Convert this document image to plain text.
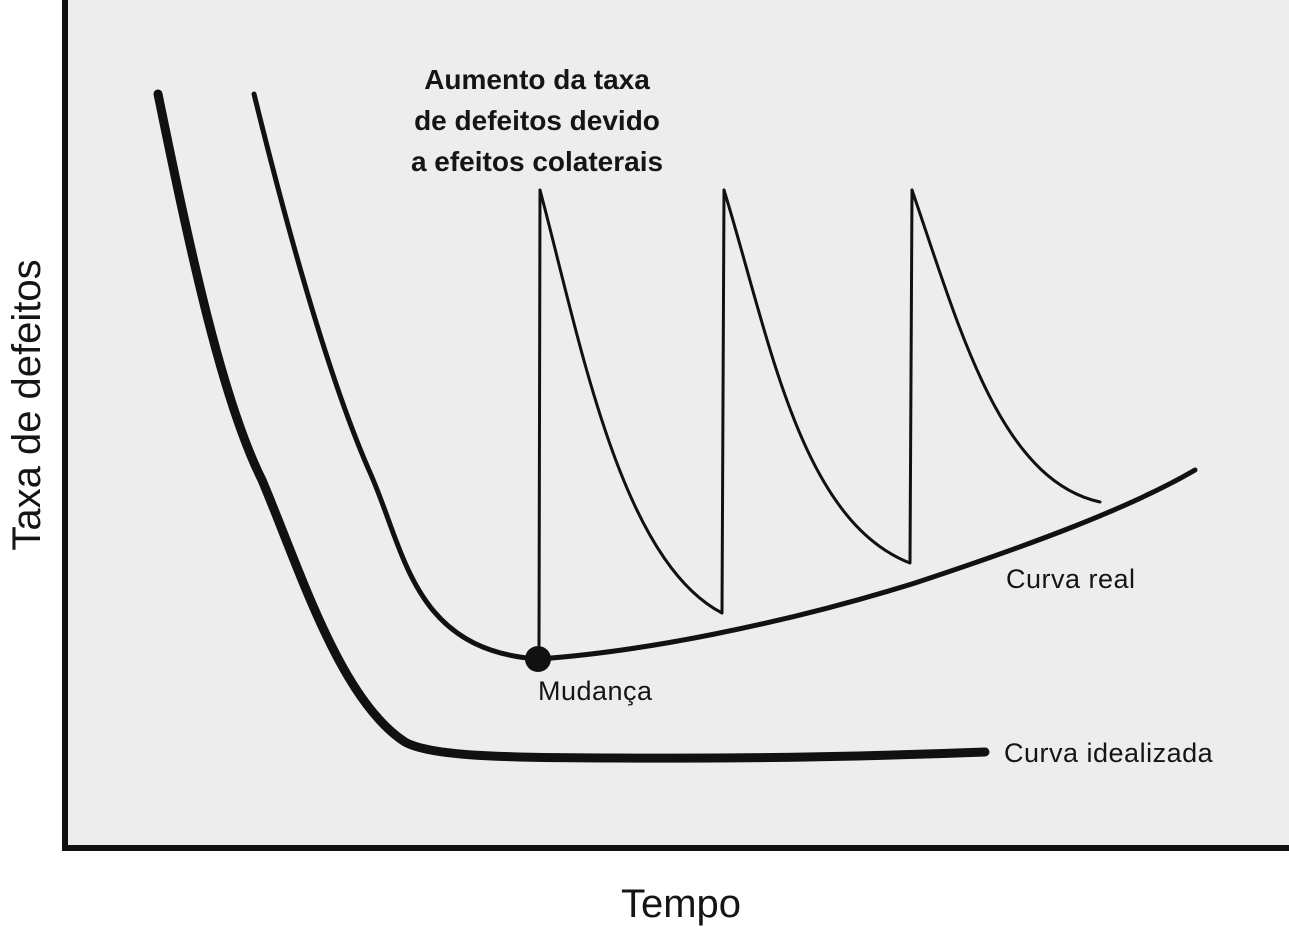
Aumento da taxa
de defeitos devido
a efeitos colaterais
Curva real
Curva idealizada
Mudança
Taxa de defeitos
Tempo
